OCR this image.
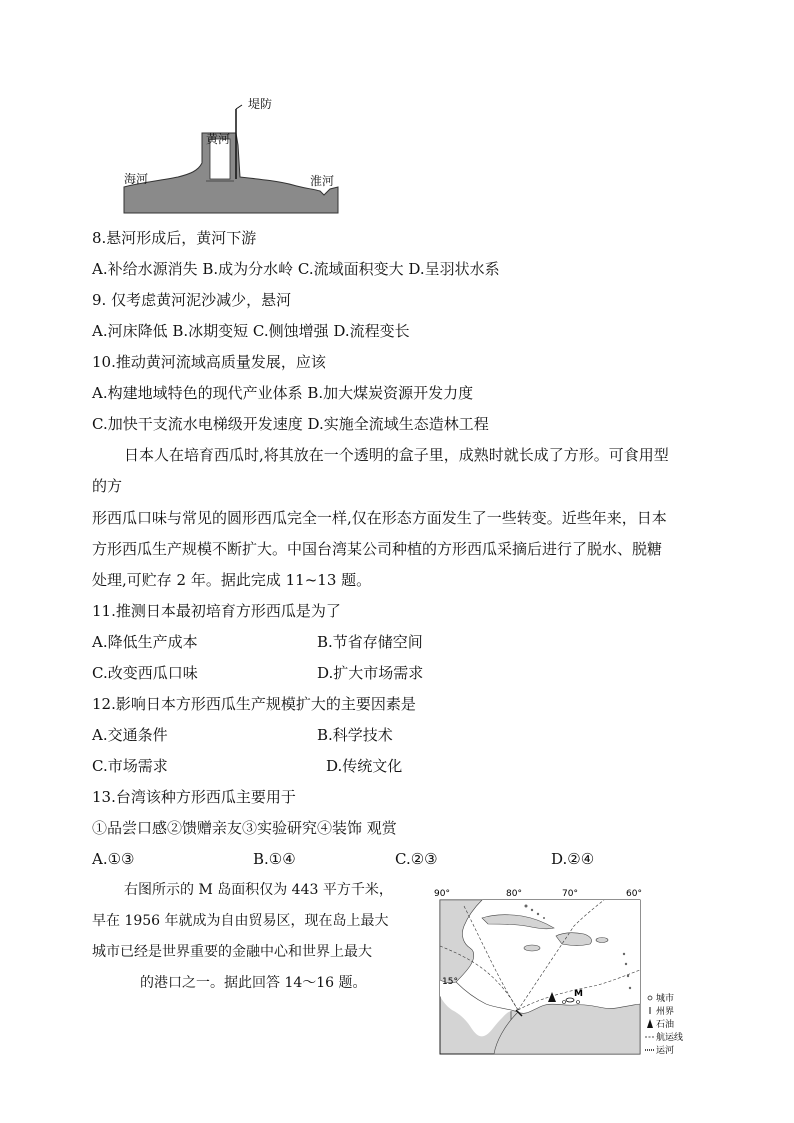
堤防
黄河
海河	淮河
8.悬河形成后，黄河下游
A.补给水源消失 B.成为分水岭 C.流域面积变大 D.呈羽状水系
9. 仅考虑黄河泥沙减少，悬河
A.河床降低 B.冰期变短 C.侧蚀增强 D.流程变长
10.推动黄河流域高质量发展，应该
A.构建地域特色的现代产业体系 B.加大煤炭资源开发力度
C.加快干支流水电梯级开发速度 D.实施全流域生态造林工程
日本人在培育西瓜时,将其放在一个透明的盒子里，成熟时就长成了方形。可食用型
的方
形西瓜口味与常见的圆形西瓜完全一样,仅在形态方面发生了一些转变。近些年来，日本
方形西瓜生产规模不断扩大。中国台湾某公司种植的方形西瓜采摘后进行了脱水、脱糖
处理,可贮存 2 年。据此完成 11~13 题。
11.推测日本最初培育方形西瓜是为了
A.降低生产成本	B.节省存储空间
C.改变西瓜口味	D.扩大市场需求
12.影响日本方形西瓜生产规模扩大的主要因素是
A.交通条件	B.科学技术
C.市场需求	D.传统文化
13.台湾该种方形西瓜主要用于
①品尝口感②馈赠亲友③实验研究④装饰 观赏
A.①③	B.①④	C.②③	D.②④
右图所示的 M 岛面积仅为 443 平方千米，
早在 1956 年就成为自由贸易区，现在岛上最大
城市已经是世界重要的金融中心和世界上最大
的港口之一。据此回答 14～16 题。
90°	80°	70°	60°
M
15°
城市
州界
石油
航运线
运河
